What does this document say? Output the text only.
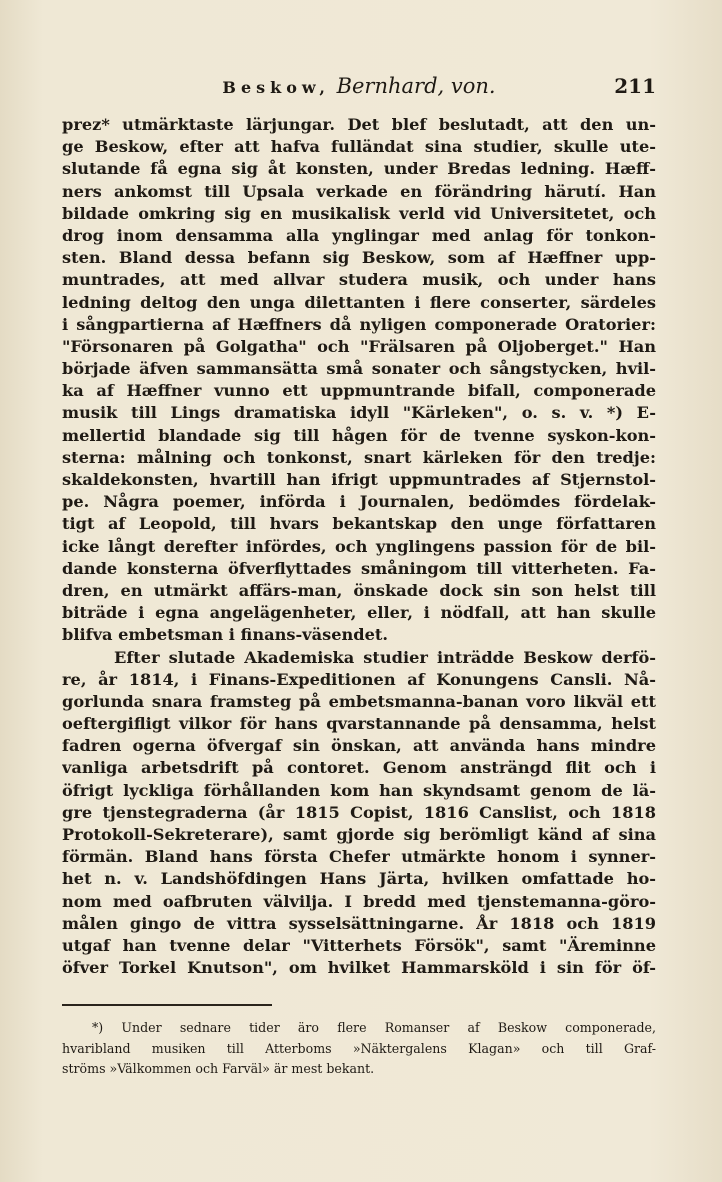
Beskow, Bernhard, von.	211
prez* utmärktaste lärjungar. Det blef beslutadt, att den un-
ge Beskow, efter att hafva fulländat sina studier, skulle ute-
slutande få egna sig åt konsten, under Bredas ledning. Hæff-
ners ankomst till Upsala verkade en förändring härutí. Han
bildade omkring sig en musikalisk verld vid Universitetet, och
drog inom densamma alla ynglingar med anlag för tonkon-
sten. Bland dessa befann sig Beskow, som af Hæffner upp-
muntrades, att med allvar studera musik, och under hans
ledning deltog den unga dilettanten i flere conserter, särdeles
i sångpartierna af Hæffners då nyligen componerade Oratorier:
"Försonaren på Golgatha" och "Frälsaren på Oljoberget." Han
började äfven sammansätta små sonater och sångstycken, hvil-
ka af Hæffner vunno ett uppmuntrande bifall, componerade
musik till Lings dramatiska idyll "Kärleken", o. s. v. *) E-
mellertid blandade sig till hågen för de tvenne syskon-kon-
sterna: målning och tonkonst, snart kärleken för den tredje:
skaldekonsten, hvartill han ifrigt uppmuntrades af Stjernstol-
pe. Några poemer, införda i Journalen, bedömdes fördelak-
tigt af Leopold, till hvars bekantskap den unge författaren
icke långt derefter infördes, och ynglingens passion för de bil-
dande konsterna öfverflyttades småningom till vitterheten. Fa-
dren, en utmärkt affärs-man, önskade dock sin son helst till
biträde i egna angelägenheter, eller, i nödfall, att han skulle
blifva embetsman i finans-väsendet.
Efter slutade Akademiska studier inträdde Beskow derfö-
re, år 1814, i Finans-Expeditionen af Konungens Cansli. Nå-
gorlunda snara framsteg på embetsmanna-banan voro likväl ett
oeftergifligt vilkor för hans qvarstannande på densamma, helst
fadren ogerna öfvergaf sin önskan, att använda hans mindre
vanliga arbetsdrift på contoret. Genom ansträngd flit och i
öfrigt lyckliga förhållanden kom han skyndsamt genom de lä-
gre tjenstegraderna (år 1815 Copist, 1816 Canslist, och 1818
Protokoll-Sekreterare), samt gjorde sig berömligt känd af sina
förmän. Bland hans första Chefer utmärkte honom i synner-
het n. v. Landshöfdingen Hans Järta, hvilken omfattade ho-
nom med oafbruten välvilja. I bredd med tjenstemanna-göro-
målen gingo de vittra sysselsättningarne. År 1818 och 1819
utgaf han tvenne delar "Vitterhets Försök", samt "Äreminne
öfver Torkel Knutson", om hvilket Hammarsköld i sin för öf-
*) Under sednare tider äro flere Romanser af Beskow componerade,
hvaribland musiken till Atterboms »Näktergalens Klagan» och till Graf-
ströms »Välkommen och Farväl» är mest bekant.
